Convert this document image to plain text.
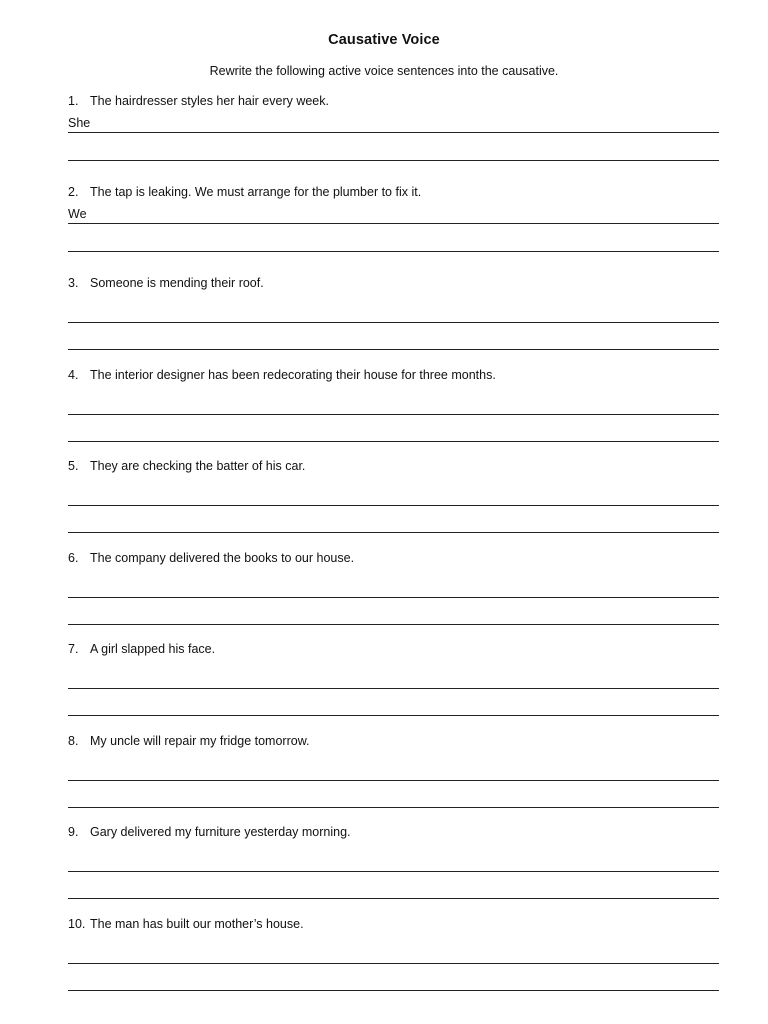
Causative Voice
Rewrite the following active voice sentences into the causative.
1. The hairdresser styles her hair every week.
She
2. The tap is leaking. We must arrange for the plumber to fix it.
We
3. Someone is mending their roof.
4. The interior designer has been redecorating their house for three months.
5. They are checking the batter of his car.
6. The company delivered the books to our house.
7. A girl slapped his face.
8. My uncle will repair my fridge tomorrow.
9. Gary delivered my furniture yesterday morning.
10. The man has built our mother’s house.
